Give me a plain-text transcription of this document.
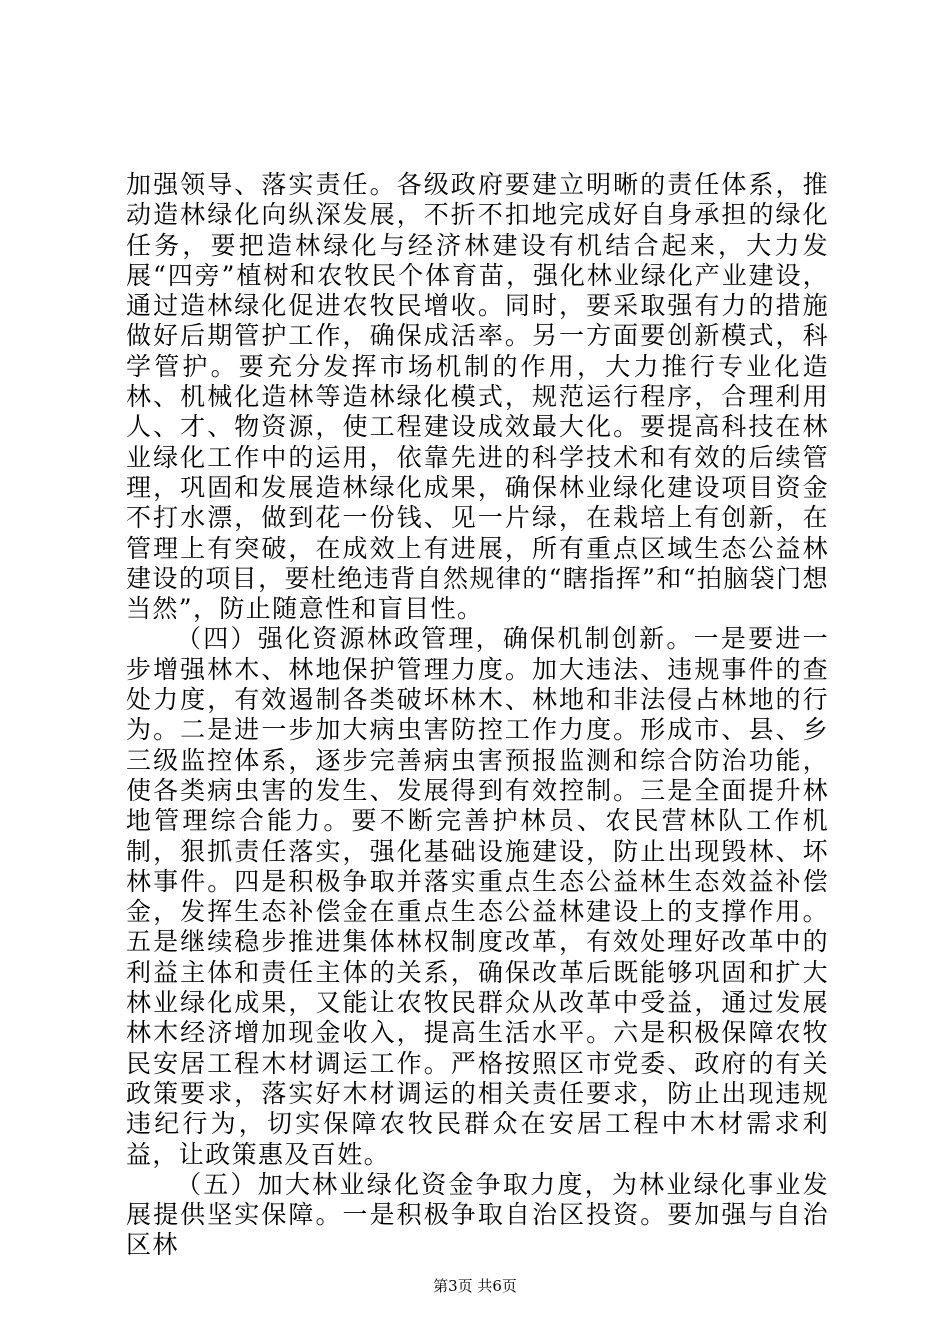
加强领导、落实责任。各级政府要建立明晰的责任体系，推动造林绿化向纵深发展，不折不扣地完成好自身承担的绿化任务，要把造林绿化与经济林建设有机结合起来，大力发展“四旁”植树和农牧民个体育苗，强化林业绿化产业建设，通过造林绿化促进农牧民增收。同时，要采取强有力的措施做好后期管护工作，确保成活率。另一方面要创新模式，科学管护。要充分发挥市场机制的作用，大力推行专业化造林、机械化造林等造林绿化模式，规范运行程序，合理利用人、才、物资源，使工程建设成效最大化。要提高科技在林业绿化工作中的运用，依靠先进的科学技术和有效的后续管理，巩固和发展造林绿化成果，确保林业绿化建设项目资金不打水漂，做到花一份钱、见一片绿，在栽培上有创新，在管理上有突破，在成效上有进展，所有重点区域生态公益林建设的项目，要杜绝违背自然规律的“瞎指挥”和“拍脑袋门想当然”，防止随意性和盲目性。

（四）强化资源林政管理，确保机制创新。一是要进一步增强林木、林地保护管理力度。加大违法、违规事件的查处力度，有效遏制各类破坏林木、林地和非法侵占林地的行为。二是进一步加大病虫害防控工作力度。形成市、县、乡三级监控体系，逐步完善病虫害预报监测和综合防治功能，使各类病虫害的发生、发展得到有效控制。三是全面提升林地管理综合能力。要不断完善护林员、农民营林队工作机制，狠抓责任落实，强化基础设施建设，防止出现毁林、坏林事件。四是积极争取并落实重点生态公益林生态效益补偿金，发挥生态补偿金在重点生态公益林建设上的支撑作用。五是继续稳步推进集体林权制度改革，有效处理好改革中的利益主体和责任主体的关系，确保改革后既能够巩固和扩大林业绿化成果，又能让农牧民群众从改革中受益，通过发展林木经济增加现金收入，提高生活水平。六是积极保障农牧民安居工程木材调运工作。严格按照区市党委、政府的有关政策要求，落实好木材调运的相关责任要求，防止出现违规违纪行为，切实保障农牧民群众在安居工程中木材需求利益，让政策惠及百姓。

（五）加大林业绿化资金争取力度，为林业绿化事业发展提供坚实保障。一是积极争取自治区投资。要加强与自治区林

第3页 共6页
